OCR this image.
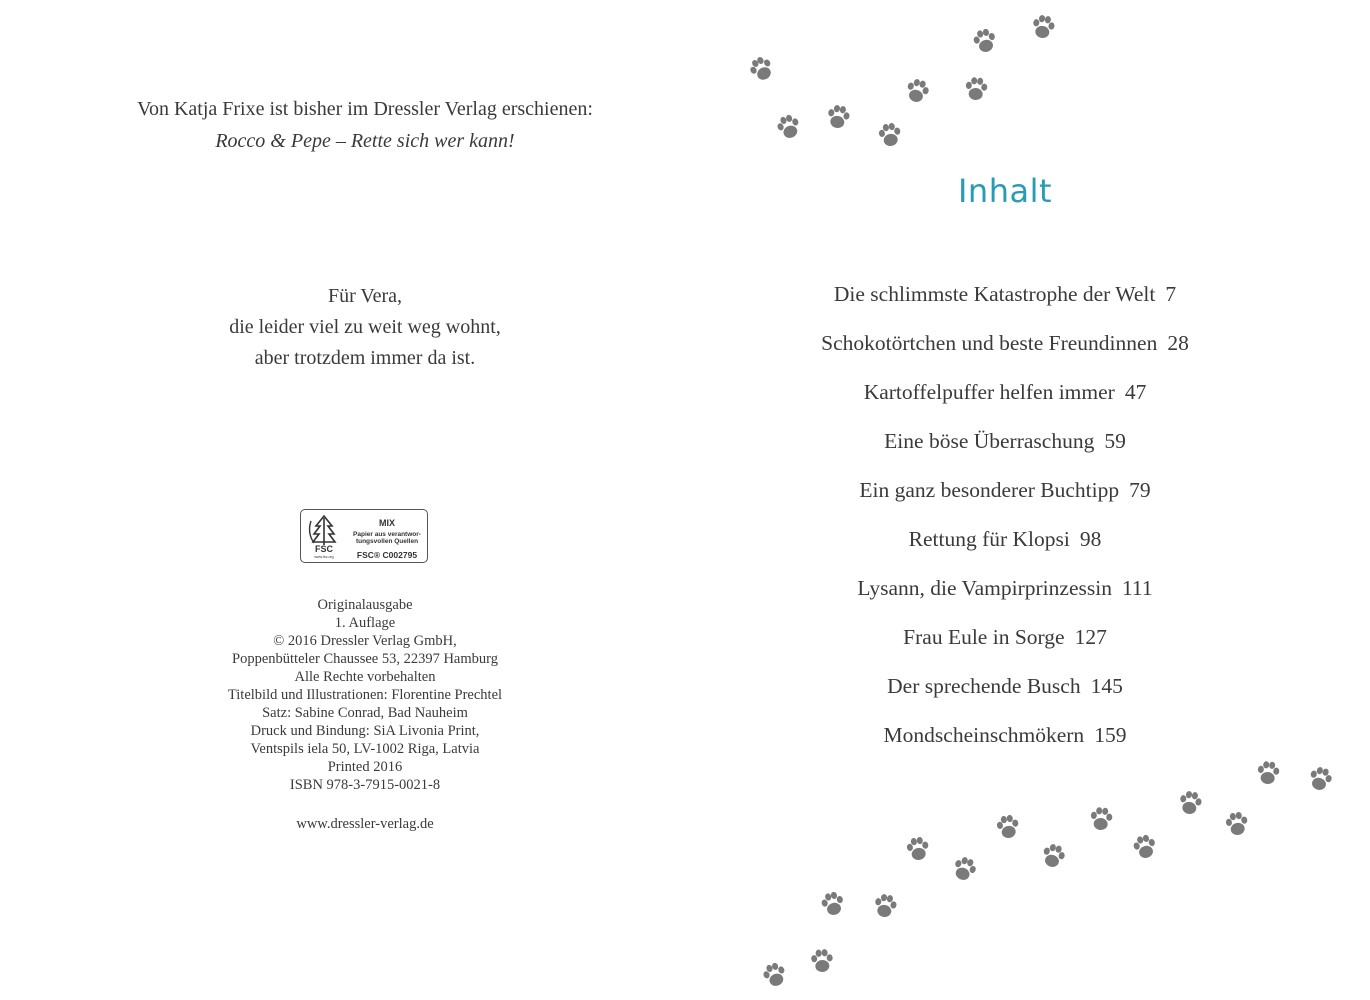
Von Katja Frixe ist bisher im Dressler Verlag erschienen:
Rocco & Pepe – Rette sich wer kann!
Für Vera,
die leider viel zu weit weg wohnt,
aber trotzdem immer da ist.
FSC
www.fsc.org
MIX
Papier aus verantwor-
tungsvollen Quellen
FSC® C002795
Originalausgabe
1. Auflage
© 2016 Dressler Verlag GmbH,
Poppenbütteler Chaussee 53, 22397 Hamburg
Alle Rechte vorbehalten
Titelbild und Illustrationen: Florentine Prechtel
Satz: Sabine Conrad, Bad Nauheim
Druck und Bindung: SiA Livonia Print,
Ventspils iela 50, LV-1002 Riga, Latvia
Printed 2016
ISBN 978-3-7915-0021-8
www.dressler-verlag.de
Inhalt
Die schlimmste Katastrophe der Welt 7
Schokotörtchen und beste Freundinnen 28
Kartoffelpuffer helfen immer 47
Eine böse Überraschung 59
Ein ganz besonderer Buchtipp 79
Rettung für Klopsi 98
Lysann, die Vampirprinzessin 111
Frau Eule in Sorge 127
Der sprechende Busch 145
Mondscheinschmökern 159
